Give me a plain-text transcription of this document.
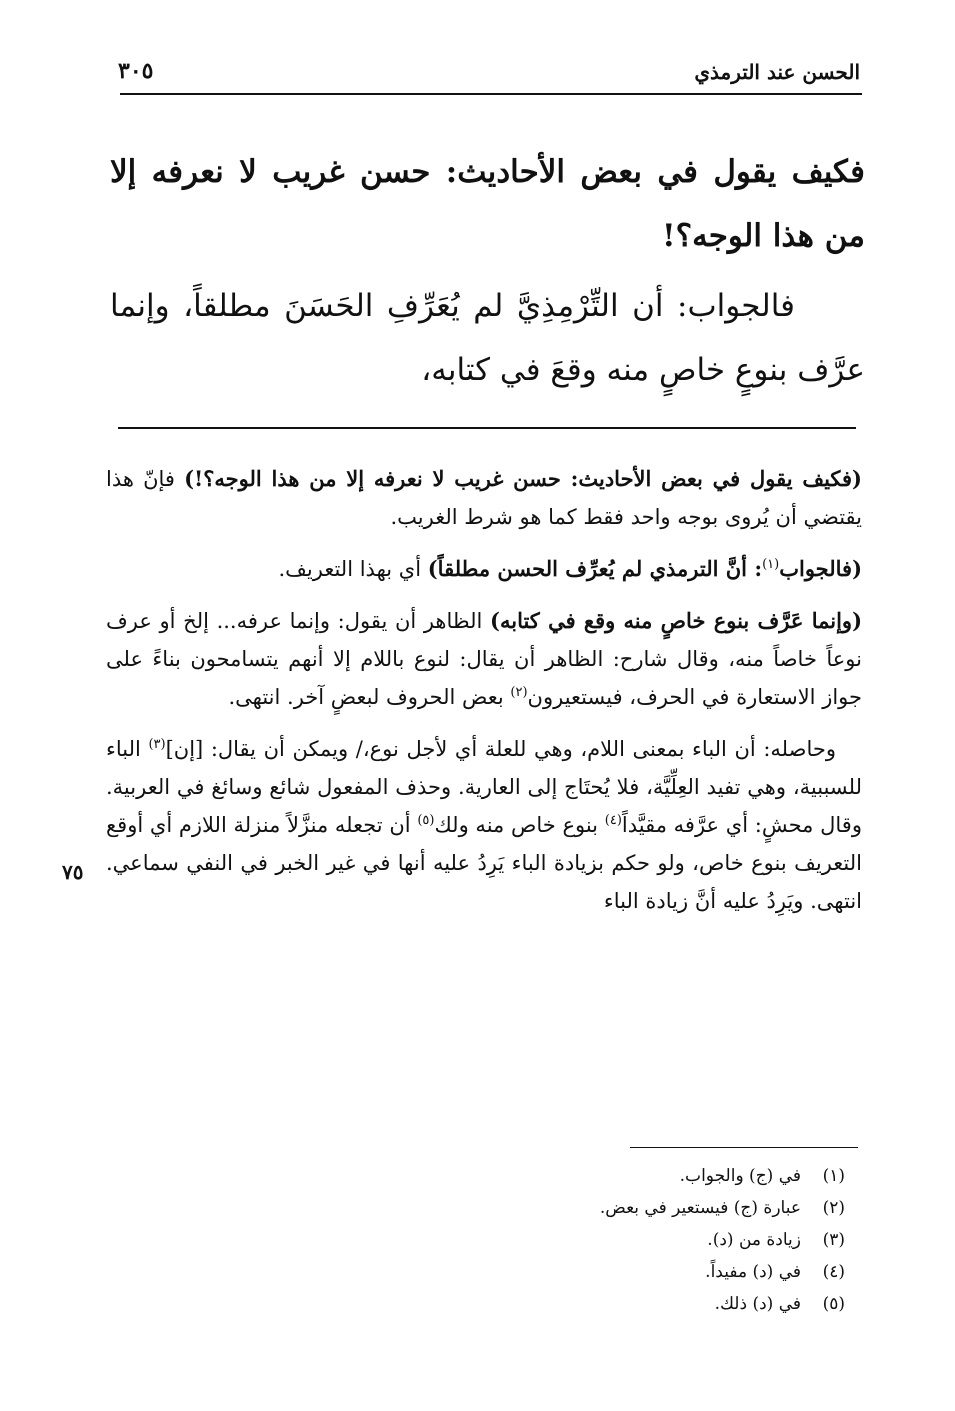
الحسن عند الترمذي
٣٠٥

فكيف يقول في بعض الأحاديث: حسن غريب لا نعرفه إلا من هذا الوجه؟!

فالجواب: أن التِّرْمِذِيَّ لم يُعَرِّفِ الحَسَنَ مطلقاً، وإنما عرَّف بنوعٍ خاصٍ منه وقعَ في كتابه،

(فكيف يقول في بعض الأحاديث: حسن غريب لا نعرفه إلا من هذا الوجه؟!) فإنّ هذا يقتضي أن يُروى بوجه واحد فقط كما هو شرط الغريب.

(فالجواب$^{(١)}$: أنَّ الترمذي لم يُعرِّف الحسن مطلقاً) أي بهذا التعريف.

(وإنما عَرَّف بنوع خاصٍ منه وقع في كتابه) الظاهر أن يقول: وإنما عرفه... إلخ أو عرف نوعاً خاصاً منه، وقال شارح: الظاهر أن يقال: لنوع باللام إلا أنهم يتسامحون بناءً على جواز الاستعارة في الحرف، فيستعيرون$^{(٢)}$ بعض الحروف لبعضٍ آخر. انتهى.

وحاصله: أن الباء بمعنى اللام، وهي للعلة أي لأجل نوع،/ ويمكن أن يقال: [إن]$^{(٣)}$ الباء للسببية، وهي تفيد العِلِّيَّة، فلا يُحتَاج إلى العارية. وحذف المفعول شائع وسائغ في العربية. وقال محشٍ: أي عرَّفه مقيَّداً$^{(٤)}$ بنوع خاص منه ولك$^{(٥)}$ أن تجعله منزَّلاً منزلة اللازم أي أوقع التعريف بنوع خاص، ولو حكم بزيادة الباء يَرِدُ عليه أنها في غير الخبر في النفي سماعي. انتهى. ويَرِدُ عليه أنَّ زيادة الباء

٧٥
(١)في (ج) والجواب.
(٢)عبارة (ج) فيستعير في بعض.
(٣)زيادة من (د).
(٤)في (د) مفيداً.
(٥)في (د) ذلك.
